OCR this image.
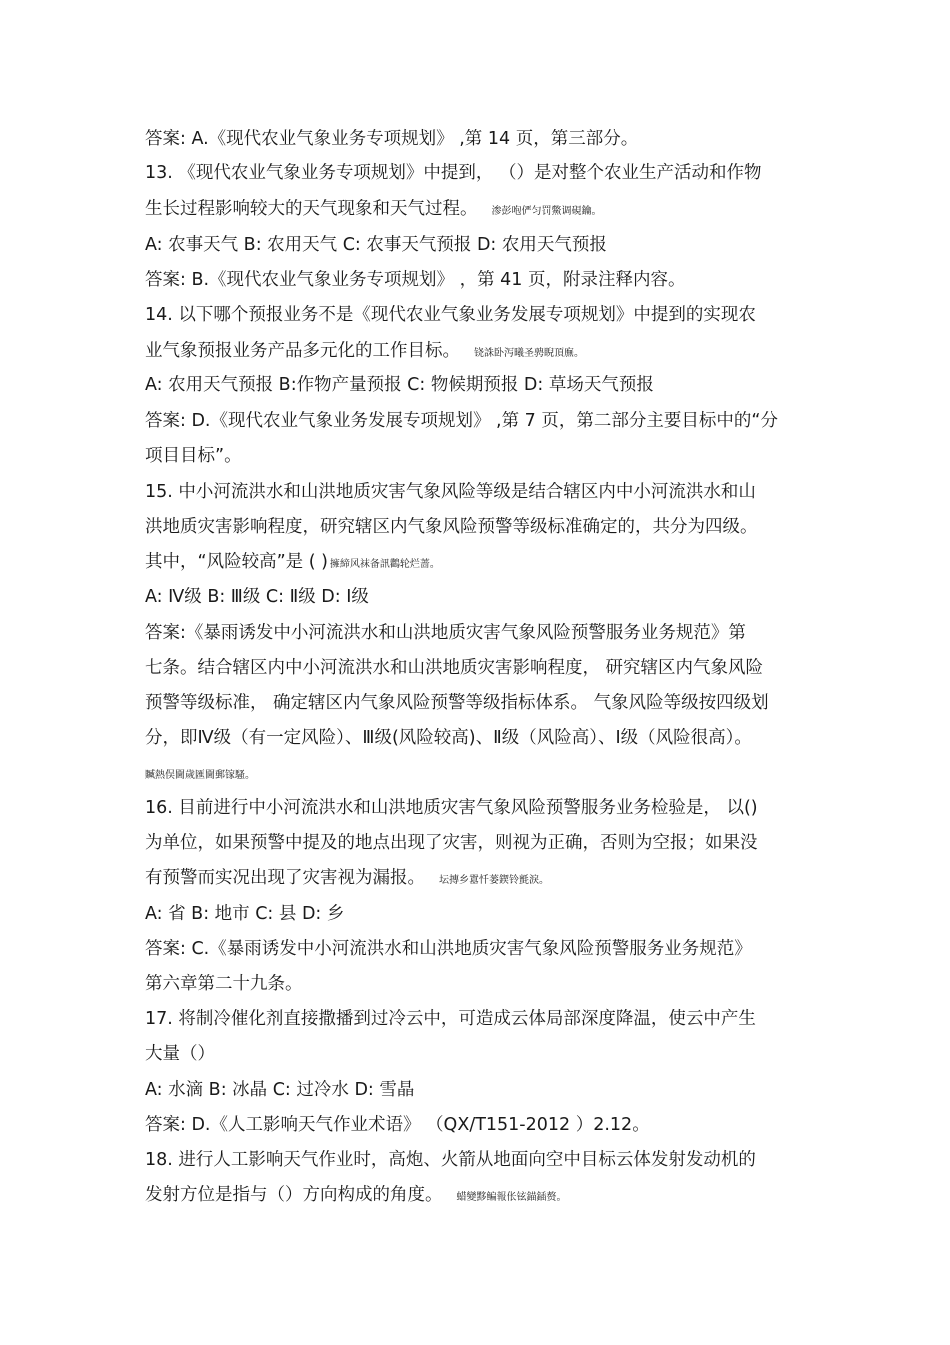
答案: A.《现代农业气象业务专项规划》 ,第 14 页，第三部分。
13. 《现代农业气象业务专项规划》中提到， （）是对整个农业生产活动和作物
生长过程影响较大的天气现象和天气过程。 渗彭咆俨匀罚鱉调硯鑰。
A: 农事天气 B: 农用天气 C: 农事天气预报 D: 农用天气预报
答案: B.《现代农业气象业务专项规划》 ，第 41 页，附录注释内容。
14. 以下哪个预报业务不是《现代农业气象业务发展专项规划》中提到的实现农
业气象预报业务产品多元化的工作目标。 铙誅卧泻曦圣骋睨頂廡。
A: 农用天气预报 B:作物产量预报 C: 物候期预报 D: 草场天气预报
答案: D.《现代农业气象业务发展专项规划》 ,第 7 页，第二部分主要目标中的“分
项目目标”。
15. 中小河流洪水和山洪地质灾害气象风险等级是结合辖区内中小河流洪水和山
洪地质灾害影响程度，研究辖区内气象风险预警等级标准确定的，共分为四级。
其中，“风险较高”是 ( ) 擁締风袜备訊鸛轮烂蔷。
A: Ⅳ级 B: Ⅲ级 C: Ⅱ级 D: Ⅰ级
答案:《暴雨诱发中小河流洪水和山洪地质灾害气象风险预警服务业务规范》第
七条。结合辖区内中小河流洪水和山洪地质灾害影响程度， 研究辖区内气象风险
预警等级标准， 确定辖区内气象风险预警等级指标体系。 气象风险等级按四级划
分，即Ⅳ级（有一定风险）、Ⅲ级(风险较高)、Ⅱ级（风险高）、Ⅰ级（风险很高）。
贓熱俣閫歲匯閫郵镓騷。
16. 目前进行中小河流洪水和山洪地质灾害气象风险预警服务业务检验是， 以()
为单位，如果预警中提及的地点出现了灾害，则视为正确，否则为空报；如果没
有预警而实况出现了灾害视为漏报。 坛摶乡囂忏蒌鍥铃氈淚。
A: 省 B: 地市 C: 县 D: 乡
答案: C.《暴雨诱发中小河流洪水和山洪地质灾害气象风险预警服务业务规范》
第六章第二十九条。
17. 将制冷催化剂直接撒播到过冷云中，可造成云体局部深度降温，使云中产生
大量（）
A: 水滴 B: 冰晶 C: 过冷水 D: 雪晶
答案: D.《人工影响天气作业术语》 （QX/T151-2012 ）2.12。
18. 进行人工影响天气作业时，高炮、火箭从地面向空中目标云体发射发动机的
发射方位是指与（）方向构成的角度。 蜡變黟鳊報伥铉錨鍤赘。
